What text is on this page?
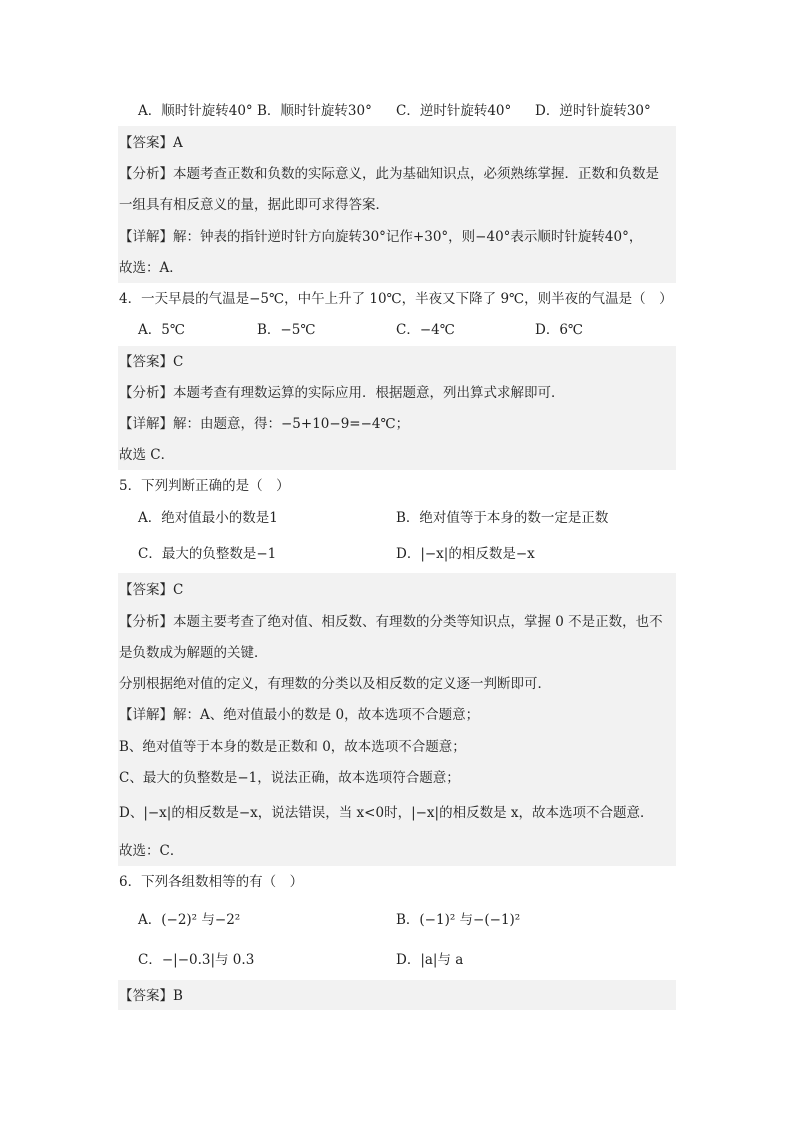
A．顺时针旋转40° B．顺时针旋转30° C．逆时针旋转40° D．逆时针旋转30°
【答案】A
【分析】本题考查正数和负数的实际意义，此为基础知识点，必须熟练掌握．正数和负数是
一组具有相反意义的量，据此即可求得答案．
【详解】解：钟表的指针逆时针方向旋转30°记作+30°，则−40°表示顺时针旋转40°，
故选：A．
4．一天早晨的气温是−5℃，中午上升了 10℃，半夜又下降了 9℃，则半夜的气温是（　）
A．5℃	B．−5℃	C．−4℃	D．6℃
【答案】C
【分析】本题考查有理数运算的实际应用．根据题意，列出算式求解即可．
【详解】解：由题意，得：−5+10−9=−4℃；
故选 C．
5．下列判断正确的是（　）
A．绝对值最小的数是1	B．绝对值等于本身的数一定是正数
C．最大的负整数是−1	D．|−x|的相反数是−x
【答案】C
【分析】本题主要考查了绝对值、相反数、有理数的分类等知识点，掌握 0 不是正数，也不
是负数成为解题的关键．
分别根据绝对值的定义，有理数的分类以及相反数的定义逐一判断即可．
【详解】解：A、绝对值最小的数是 0，故本选项不合题意；
B、绝对值等于本身的数是正数和 0，故本选项不合题意；
C、最大的负整数是−1，说法正确，故本选项符合题意；
D、|−x|的相反数是−x，说法错误，当 x<0时，|−x|的相反数是 x，故本选项不合题意．
故选：C．
6．下列各组数相等的有（　）
A．(−2)² 与−2²	B．(−1)² 与−(−1)²
C．−|−0.3|与 0.3	D．|a|与 a
【答案】B
